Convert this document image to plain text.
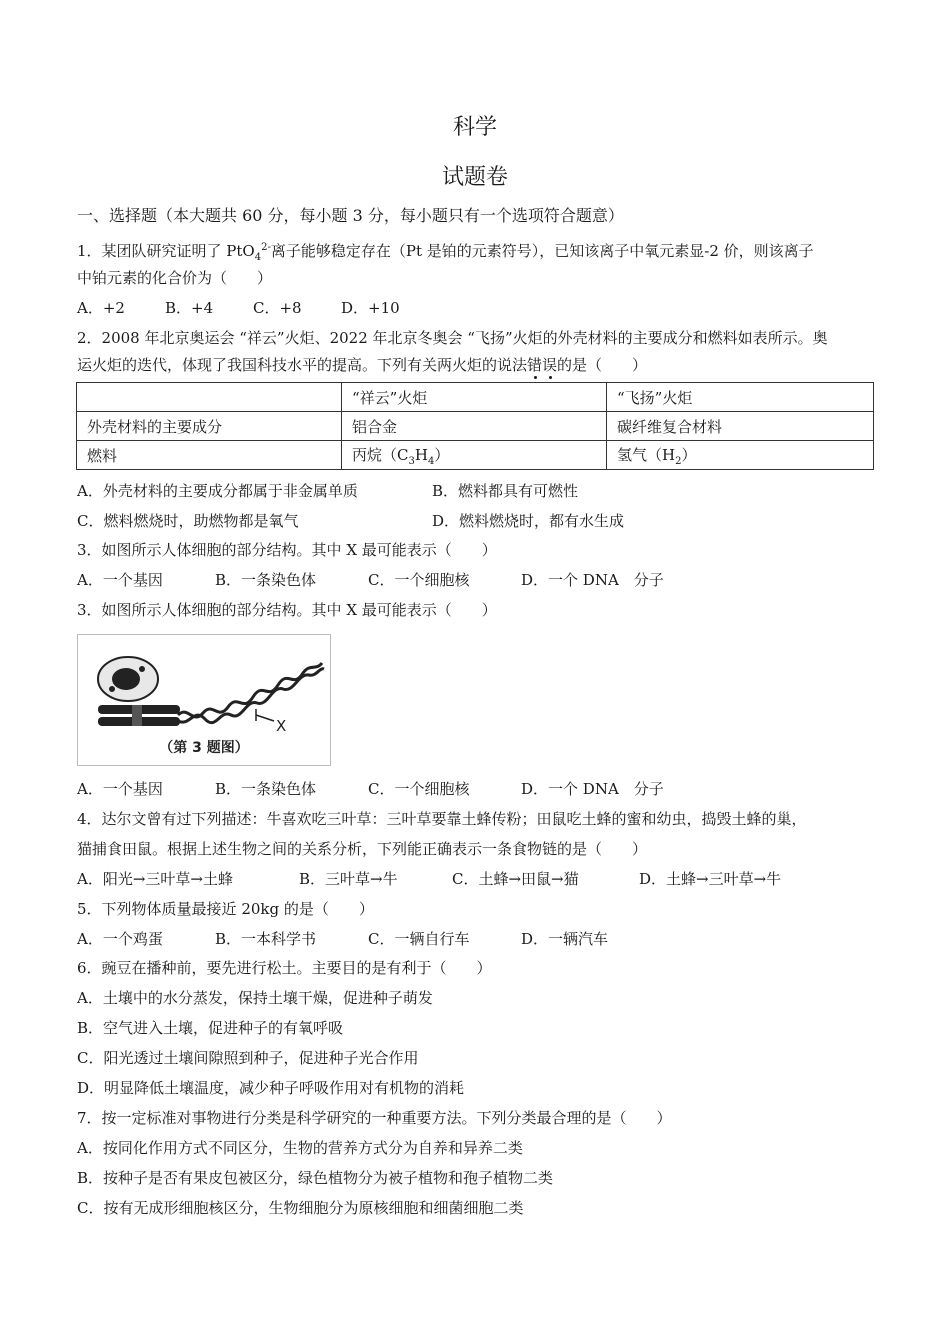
科学
试题卷
一、选择题（本大题共 60 分，每小题 3 分，每小题只有一个选项符合题意）
1．某团队研究证明了 PtO$_4^{2-}$离子能够稳定存在（Pt 是铂的元素符号），已知该离子中氧元素显-2 价，则该离子
中铂元素的化合价为（　　）
A．+2	B．+4	C．+8	D．+10
2．2008 年北京奥运会 “祥云”火炬、2022 年北京冬奥会 “飞扬”火炬的外壳材料的主要成分和燃料如表所示。奥
运火炬的迭代，体现了我国科技水平的提高。下列有关两火炬的说法错误的是（　　）
	“祥云”火炬	“飞扬”火炬
外壳材料的主要成分	铝合金	碳纤维复合材料
燃料	丙烷$(C_3H_4)$	氢气$(H_2)$
A．外壳材料的主要成分都属于非金属单质	B．燃料都具有可燃性
C．燃料燃烧时，助燃物都是氧气	D．燃料燃烧时，都有水生成
3．如图所示人体细胞的部分结构。其中 X 最可能表示（　　）
A．一个基因	B．一条染色体	C．一个细胞核	D．一个 DNA　分子
3．如图所示人体细胞的部分结构。其中 X 最可能表示（　　）
X
（第 3 题图）
A．一个基因	B．一条染色体	C．一个细胞核	D．一个 DNA　分子
4．达尔文曾有过下列描述：牛喜欢吃三叶草：三叶草要靠土蜂传粉；田鼠吃土蜂的蜜和幼虫，捣毁土蜂的巢，
猫捕食田鼠。根据上述生物之间的关系分析，下列能正确表示一条食物链的是（　　）
A．阳光→三叶草→土蜂	B．三叶草→牛	C．土蜂→田鼠→猫	D．土蜂→三叶草→牛
5．下列物体质量最接近 20kg 的是（　　）
A．一个鸡蛋	B．一本科学书	C．一辆自行车	D．一辆汽车
6．豌豆在播种前，要先进行松土。主要目的是有利于（　　）
A．土壤中的水分蒸发，保持土壤干燥，促进种子萌发
B．空气进入土壤，促进种子的有氧呼吸
C．阳光透过土壤间隙照到种子，促进种子光合作用
D．明显降低土壤温度，减少种子呼吸作用对有机物的消耗
7．按一定标准对事物进行分类是科学研究的一种重要方法。下列分类最合理的是（　　）
A．按同化作用方式不同区分，生物的营养方式分为自养和异养二类
B．按种子是否有果皮包被区分，绿色植物分为被子植物和孢子植物二类
C．按有无成形细胞核区分，生物细胞分为原核细胞和细菌细胞二类
